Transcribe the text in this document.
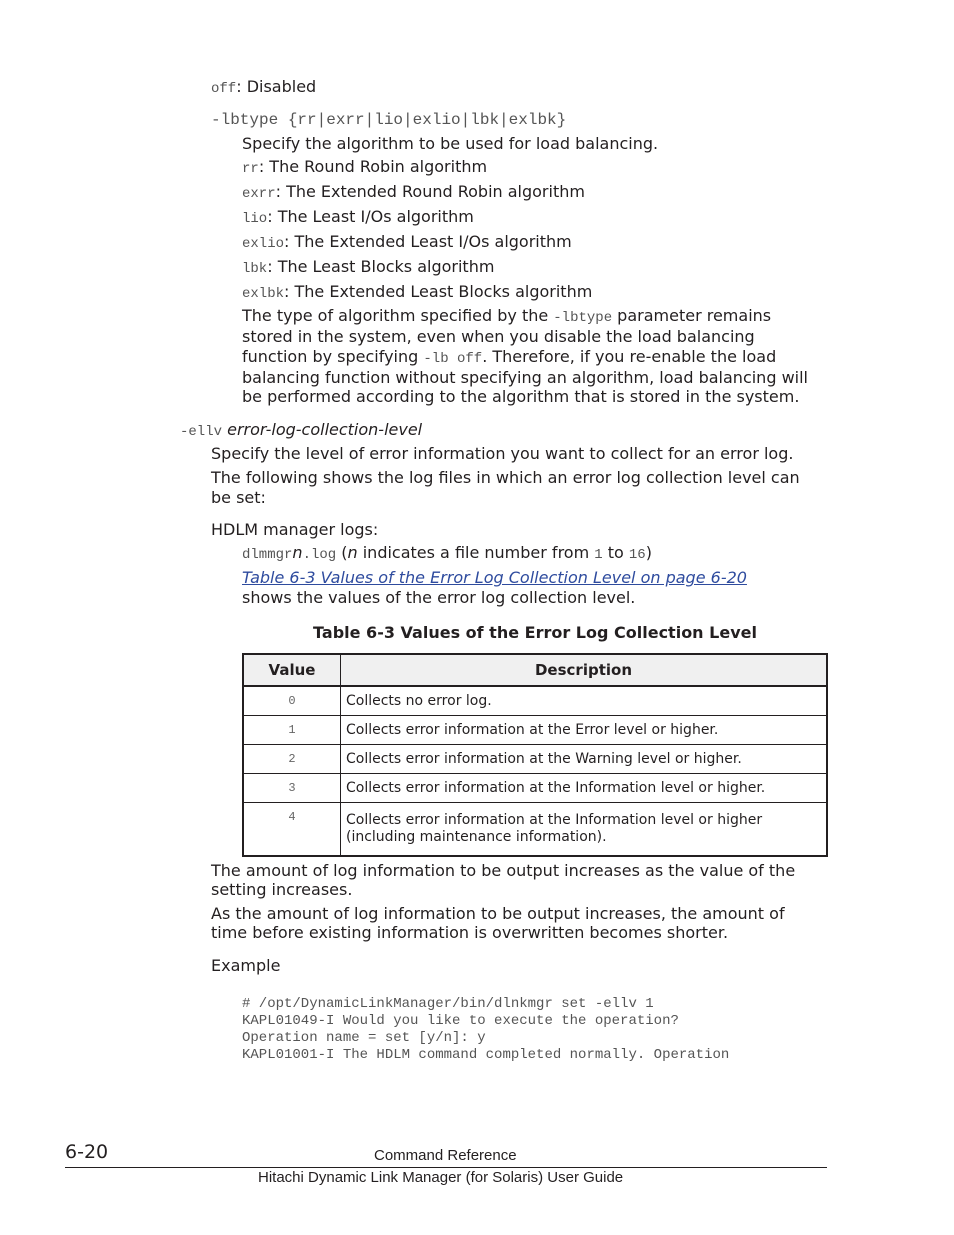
off: Disabled
-lbtype {rr|exrr|lio|exlio|lbk|exlbk}
Specify the algorithm to be used for load balancing.
rr: The Round Robin algorithm
exrr: The Extended Round Robin algorithm
lio: The Least I/Os algorithm
exlio: The Extended Least I/Os algorithm
lbk: The Least Blocks algorithm
exlbk: The Extended Least Blocks algorithm
The type of algorithm specified by the -lbtype parameter remains
stored in the system, even when you disable the load balancing
function by specifying -lb off. Therefore, if you re-enable the load
balancing function without specifying an algorithm, load balancing will
be performed according to the algorithm that is stored in the system.
-ellv error-log-collection-level
Specify the level of error information you want to collect for an error log.
The following shows the log files in which an error log collection level can
be set:
HDLM manager logs:
dlmmgrn.log (n indicates a file number from 1 to 16)
Table 6-3 Values of the Error Log Collection Level on page 6-20
shows the values of the error log collection level.
Table 6-3 Values of the Error Log Collection Level
Value	Description
0	Collects no error log.
1	Collects error information at the Error level or higher.
2	Collects error information at the Warning level or higher.
3	Collects error information at the Information level or higher.
4	Collects error information at the Information level or higher
(including maintenance information).
The amount of log information to be output increases as the value of the
setting increases.
As the amount of log information to be output increases, the amount of
time before existing information is overwritten becomes shorter.
Example
# /opt/DynamicLinkManager/bin/dlnkmgr set -ellv 1
KAPL01049-I Would you like to execute the operation?
Operation name = set [y/n]: y
KAPL01001-I The HDLM command completed normally. Operation
6-20	Command Reference
Hitachi Dynamic Link Manager (for Solaris) User Guide
